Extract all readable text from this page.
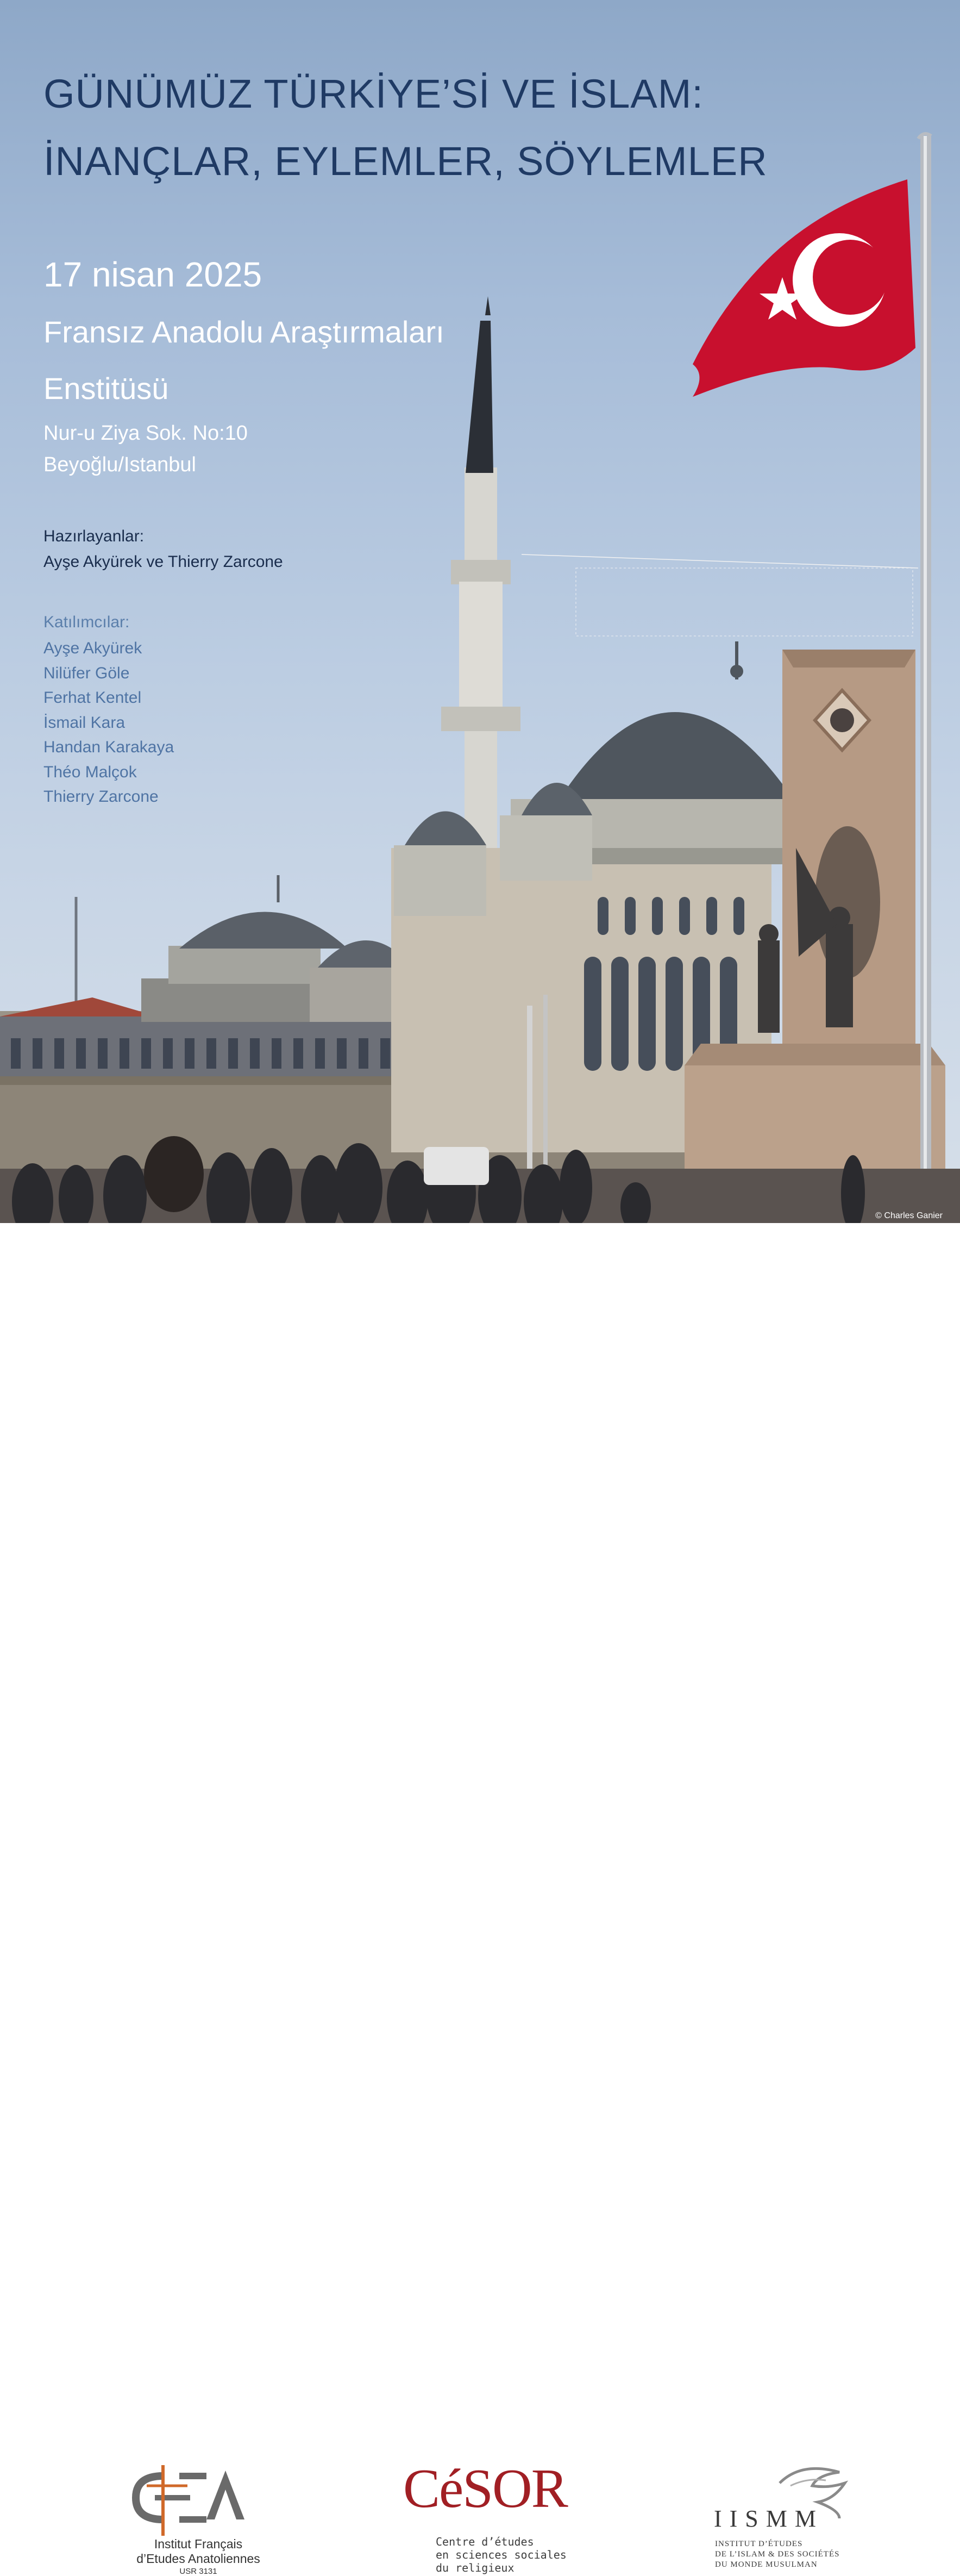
GÜNÜMÜZ TÜRKİYE’Sİ VE İSLAM:
İNANÇLAR, EYLEMLER, SÖYLEMLER
17 nisan 2025
Fransız Anadolu Araştırmaları
Enstitüsü
Nur-u Ziya Sok. No:10
Beyoğlu/Istanbul
Hazırlayanlar:
Ayşe Akyürek ve Thierry Zarcone
Katılımcılar:
Ayşe Akyürek
Nilüfer Göle
Ferhat Kentel
İsmail Kara
Handan Karakaya
Théo Malçok
Thierry Zarcone
© Charles Ganier
Institut Français
d’Etudes Anatoliennes
USR 3131
CéSOR
Centre d’études
en sciences sociales
du religieux
IISMM
INSTITUT D’ÉTUDES
DE L’ISLAM & DES SOCIÉTÉS
DU MONDE MUSULMAN
